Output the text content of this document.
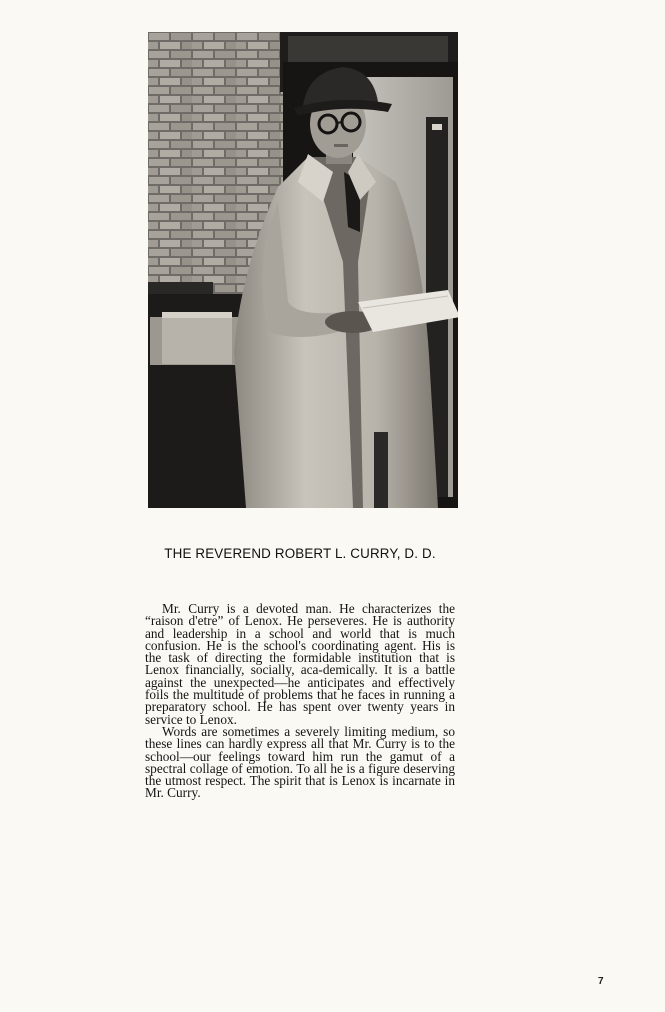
THE REVEREND ROBERT L. CURRY, D. D.

Mr. Curry is a devoted man. He characterizes the “raison d'etre” of Lenox. He perseveres. He is authority and leadership in a school and world that is much confusion. He is the school's coordinating agent. His is the task of directing the formidable institution that is Lenox financially, socially, aca-demically. It is a battle against the unexpected—he anticipates and effectively foils the multitude of problems that he faces in running a preparatory school. He has spent over twenty years in service to Lenox.

Words are sometimes a severely limiting medium, so these lines can hardly express all that Mr. Curry is to the school—our feelings toward him run the gamut of a spectral collage of emotion. To all he is a figure deserving the utmost respect. The spirit that is Lenox is incarnate in Mr. Curry.

7
